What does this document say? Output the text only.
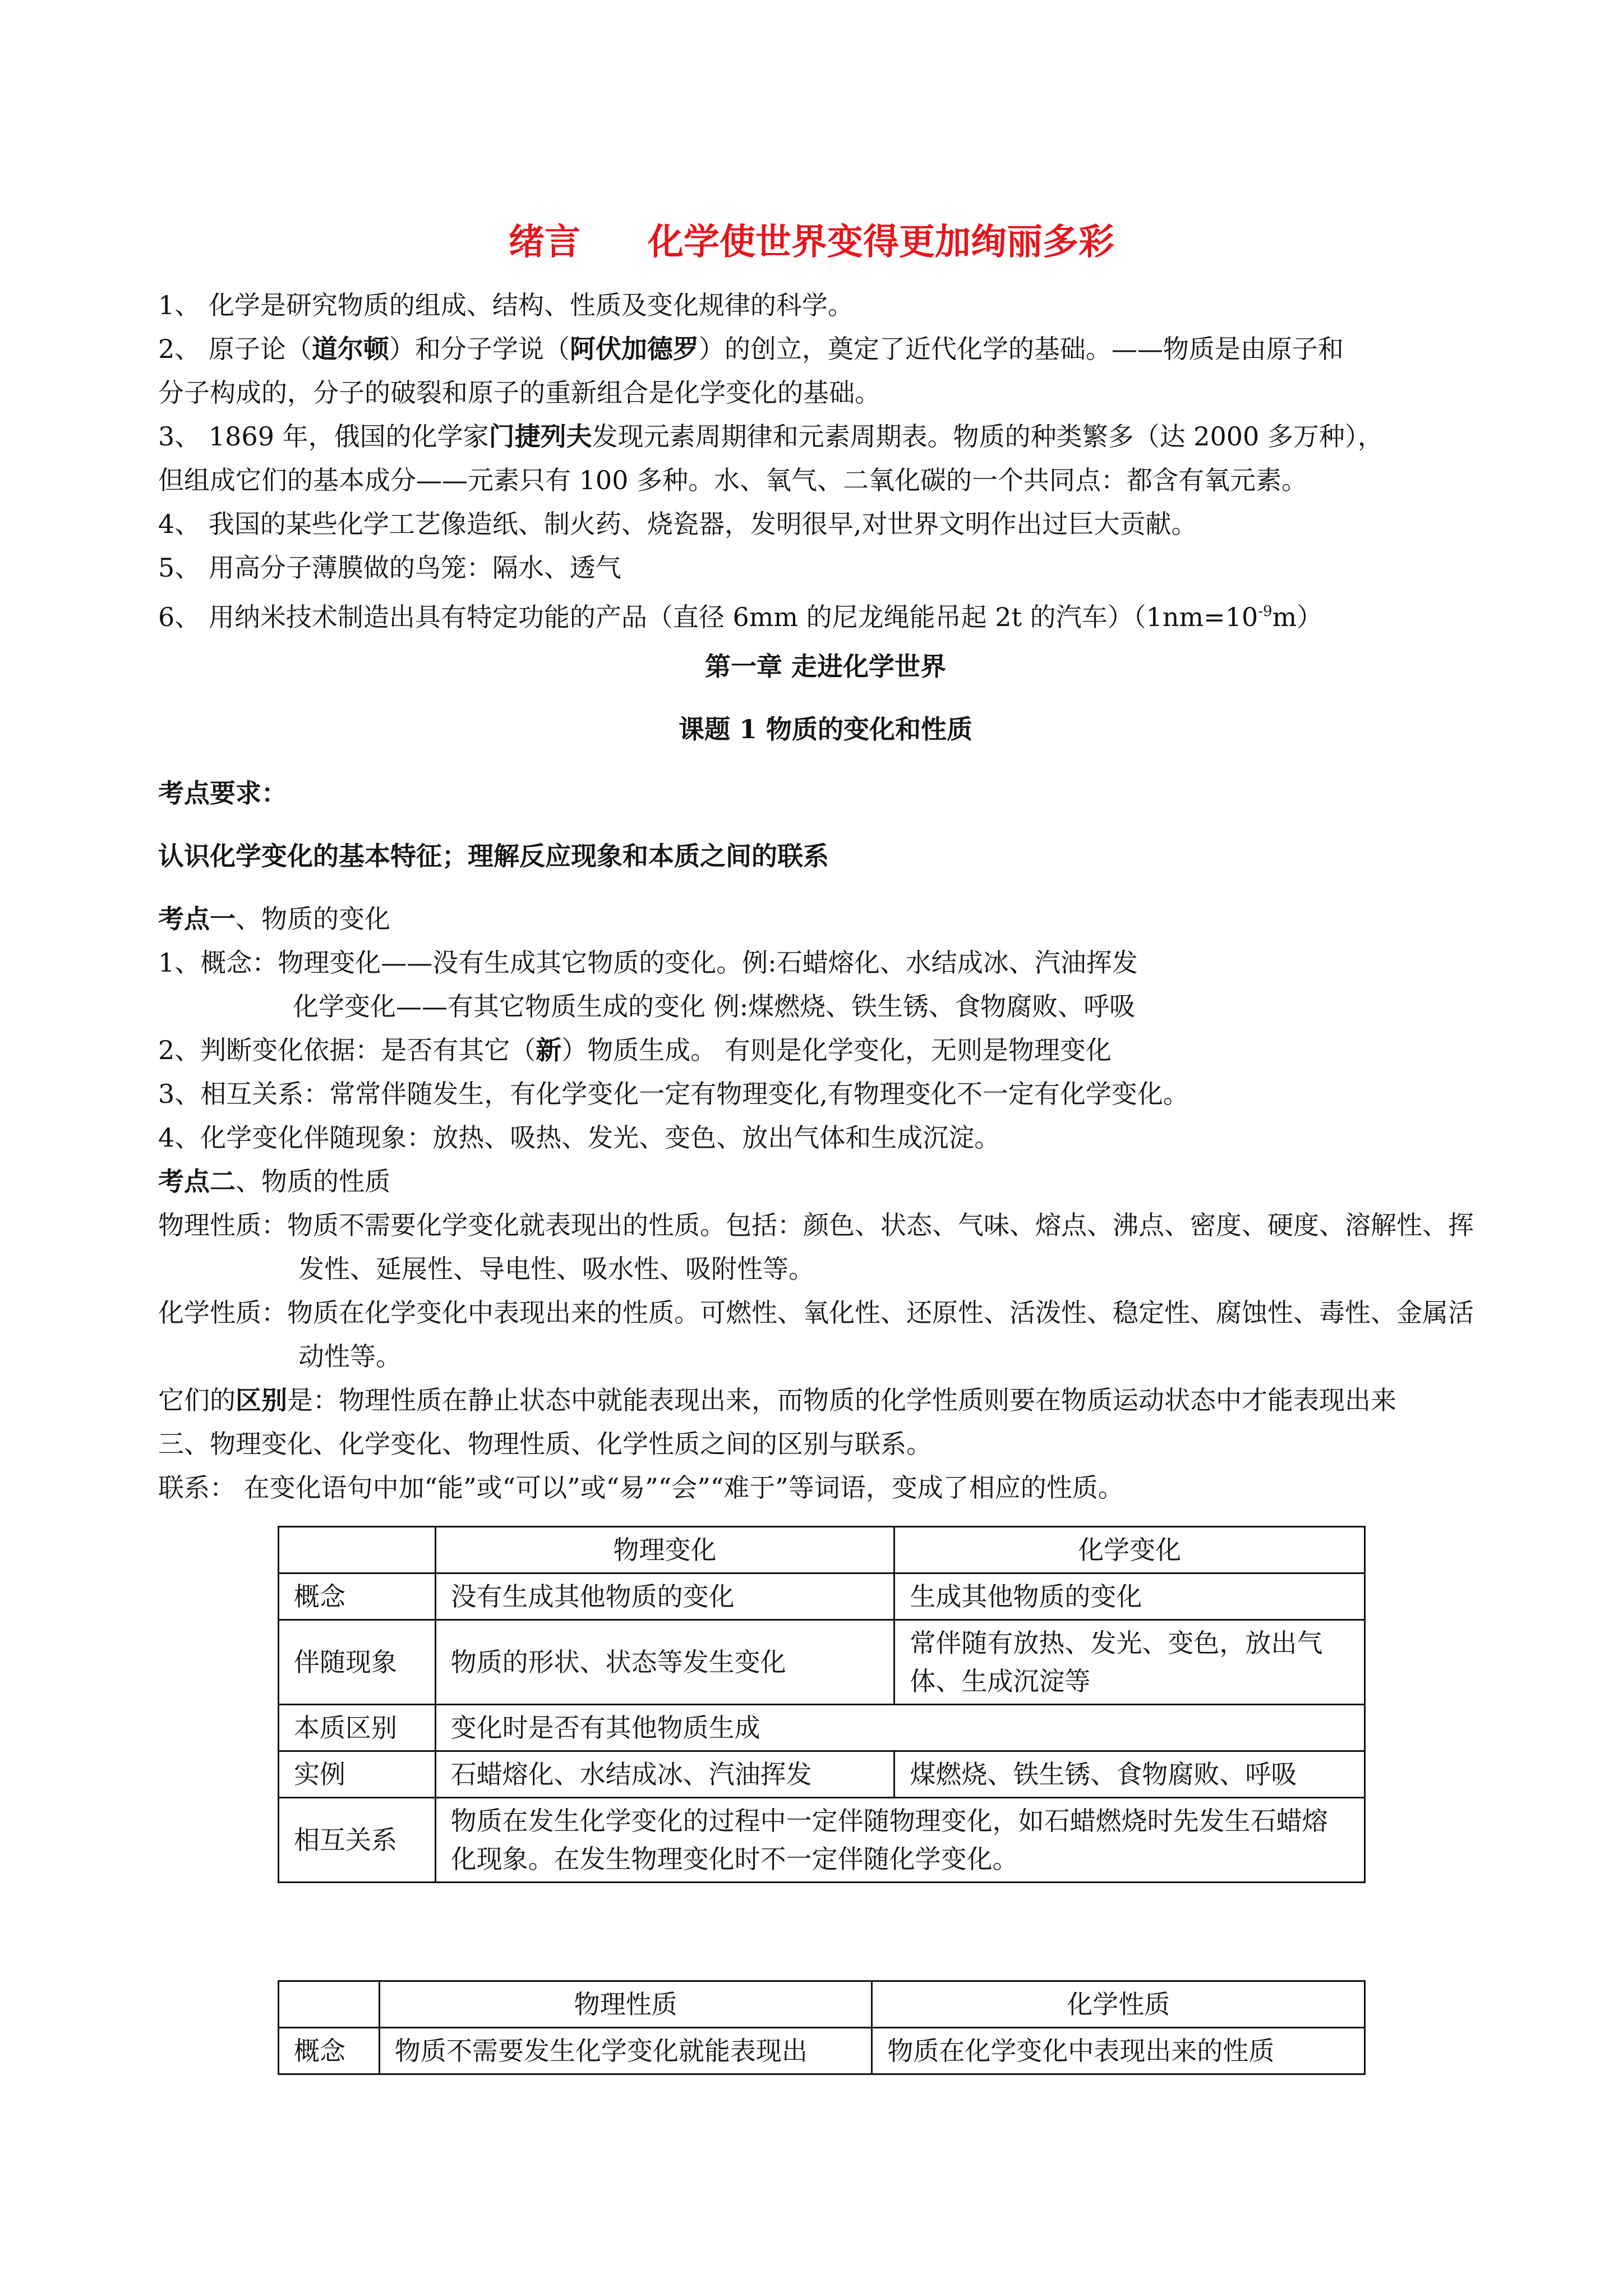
绪言 化学使世界变得更加绚丽多彩

1、 化学是研究物质的组成、结构、性质及变化规律的科学。

2、 原子论（道尔顿）和分子学说（阿伏加德罗）的创立，奠定了近代化学的基础。——物质是由原子和

分子构成的，分子的破裂和原子的重新组合是化学变化的基础。

3、 1869 年，俄国的化学家门捷列夫发现元素周期律和元素周期表。物质的种类繁多（达 2000 多万种），

但组成它们的基本成分——元素只有 100 多种。水、氧气、二氧化碳的一个共同点：都含有氧元素。

4、 我国的某些化学工艺像造纸、制火药、烧瓷器，发明很早,对世界文明作出过巨大贡献。

5、 用高分子薄膜做的鸟笼：隔水、透气

6、 用纳米技术制造出具有特定功能的产品（直径 6mm 的尼龙绳能吊起 2t 的汽车）$(1nm=10^{-9}m)$

第一章 走进化学世界

课题 1 物质的变化和性质

考点要求：

认识化学变化的基本特征；理解反应现象和本质之间的联系

考点一、物质的变化

1、概念：物理变化——没有生成其它物质的变化。例:石蜡熔化、水结成冰、汽油挥发

化学变化——有其它物质生成的变化 例:煤燃烧、铁生锈、食物腐败、呼吸

2、判断变化依据：是否有其它（新）物质生成。 有则是化学变化，无则是物理变化

3、相互关系：常常伴随发生，有化学变化一定有物理变化,有物理变化不一定有化学变化。

4、化学变化伴随现象：放热、吸热、发光、变色、放出气体和生成沉淀。

考点二、物质的性质

物理性质：物质不需要化学变化就表现出的性质。包括：颜色、状态、气味、熔点、沸点、密度、硬度、溶解性、挥发性、延展性、导电性、吸水性、吸附性等。

化学性质：物质在化学变化中表现出来的性质。可燃性、氧化性、还原性、活泼性、稳定性、腐蚀性、毒性、金属活动性等。

它们的区别是：物理性质在静止状态中就能表现出来，而物质的化学性质则要在物质运动状态中才能表现出来

三、物理变化、化学变化、物理性质、化学性质之间的区别与联系。

联系： 在变化语句中加“能”或“可以”或“易”“会”“难于”等词语，变成了相应的性质。

	物理变化	化学变化
概念	没有生成其他物质的变化	生成其他物质的变化
伴随现象	物质的形状、状态等发生变化	常伴随有放热、发光、变色，放出气体、生成沉淀等
本质区别	变化时是否有其他物质生成	
实例	石蜡熔化、水结成冰、汽油挥发	煤燃烧、铁生锈、食物腐败、呼吸
相互关系	物质在发生化学变化的过程中一定伴随物理变化，如石蜡燃烧时先发生石蜡熔化现象。在发生物理变化时不一定伴随化学变化。	
	物理性质	化学性质
概念	物质不需要发生化学变化就能表现出	物质在化学变化中表现出来的性质
